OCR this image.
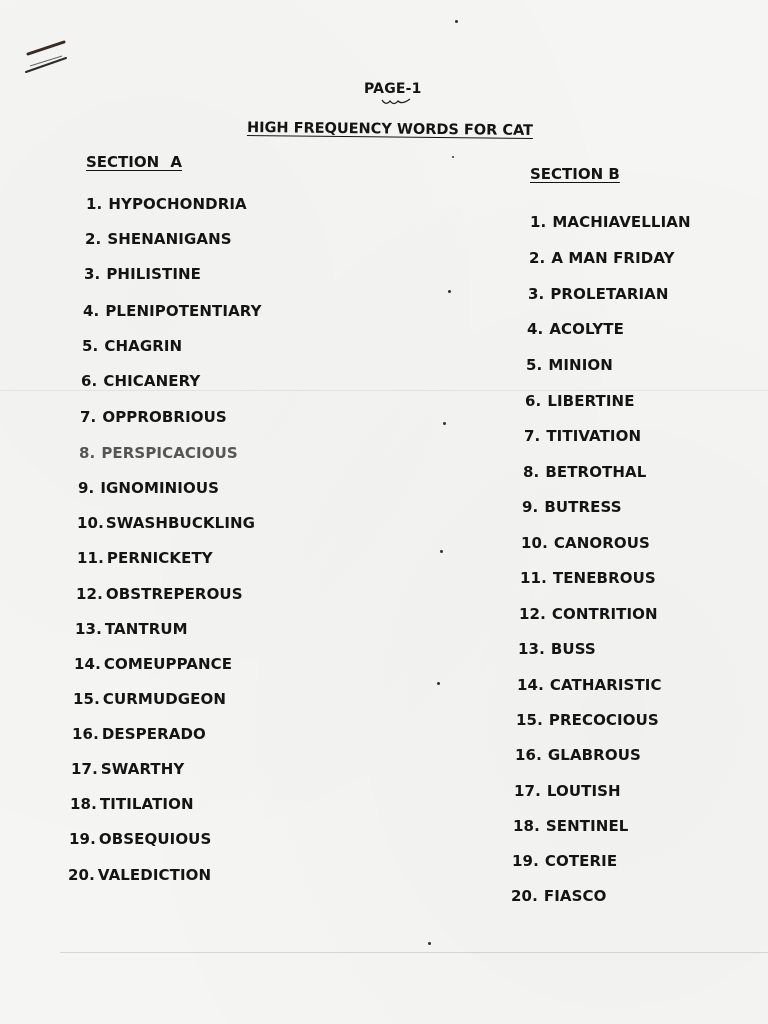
PAGE-1
HIGH FREQUENCY WORDS FOR CAT
SECTION A
SECTION B
1. HYPOCHONDRIA
2. SHENANIGANS
3. PHILISTINE
4. PLENIPOTENTIARY
5. CHAGRIN
6. CHICANERY
7. OPPROBRIOUS
8. PERSPICACIOUS
9. IGNOMINIOUS
10. SWASHBUCKLING
11. PERNICKETY
12. OBSTREPEROUS
13. TANTRUM
14. COMEUPPANCE
15. CURMUDGEON
16. DESPERADO
17. SWARTHY
18. TITILATION
19. OBSEQUIOUS
20. VALEDICTION
1. MACHIAVELLIAN
2. A MAN FRIDAY
3. PROLETARIAN
4. ACOLYTE
5. MINION
6. LIBERTINE
7. TITIVATION
8. BETROTHAL
9. BUTRESS
10. CANOROUS
11. TENEBROUS
12. CONTRITION
13. BUSS
14. CATHARISTIC
15. PRECOCIOUS
16. GLABROUS
17. LOUTISH
18. SENTINEL
19. COTERIE
20. FIASCO
